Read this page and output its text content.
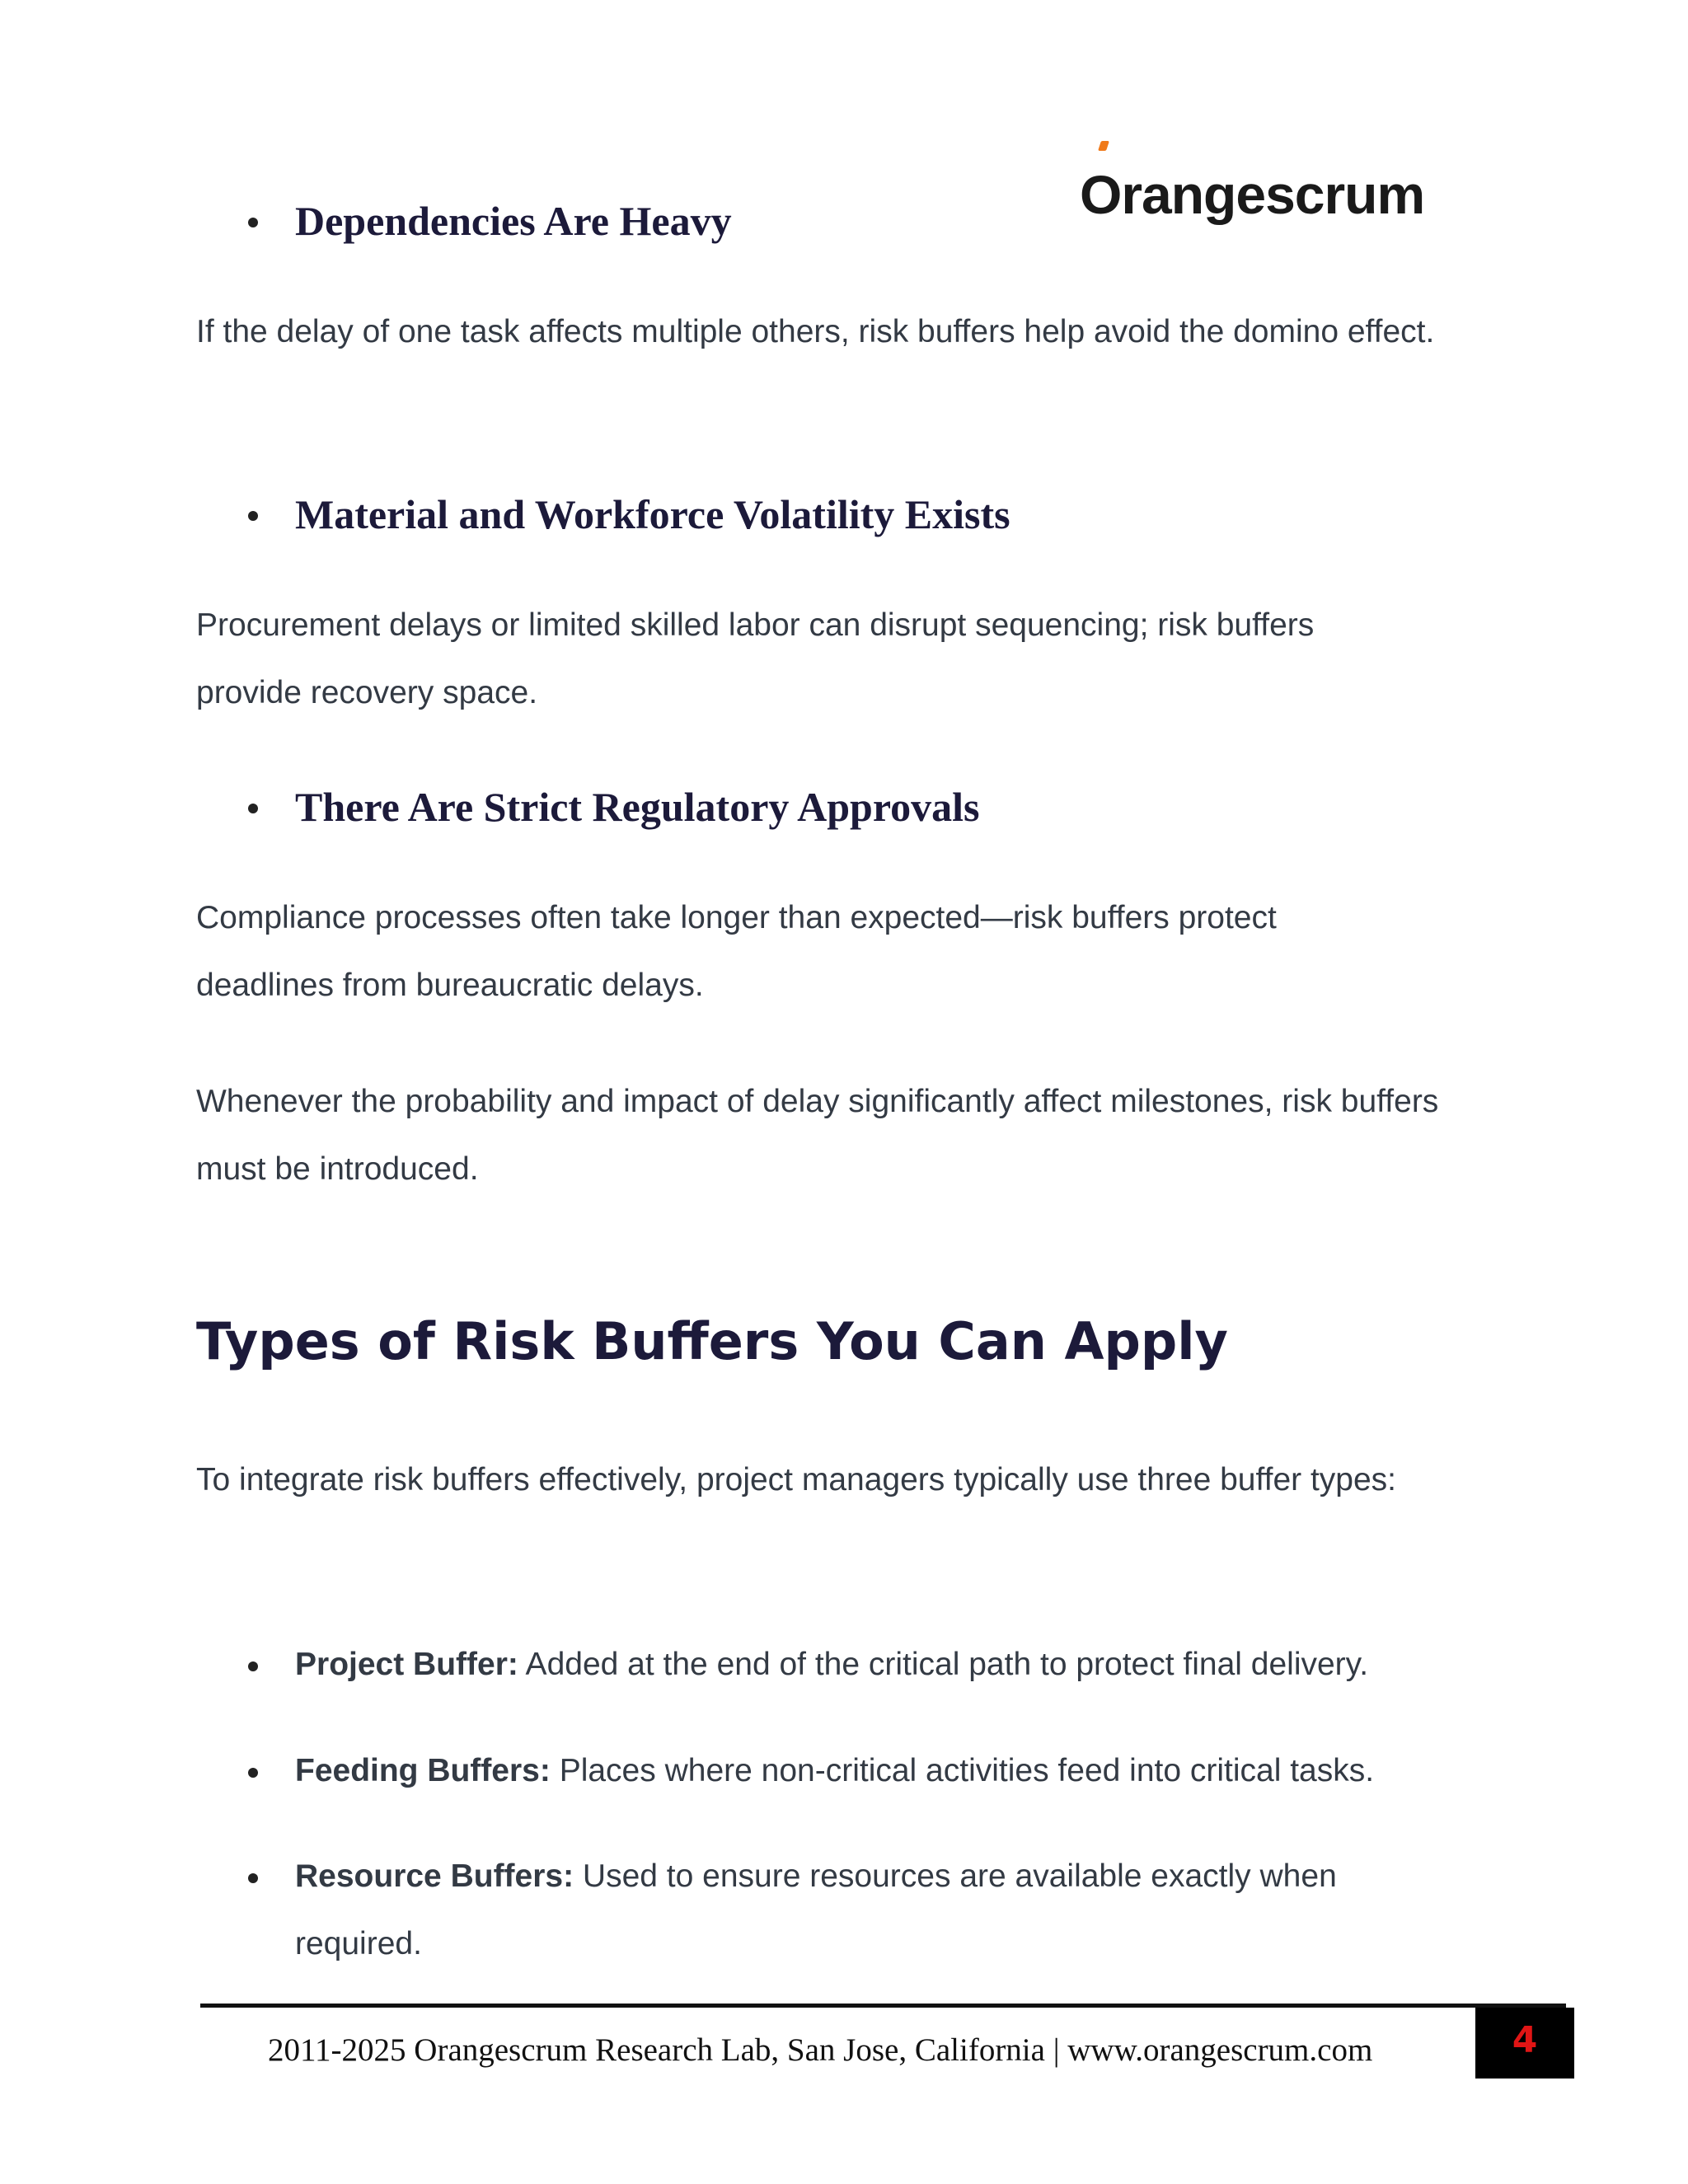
Orangescrum
Dependencies Are Heavy
If the delay of one task affects multiple others, risk buffers help avoid the domino effect.
Material and Workforce Volatility Exists
Procurement delays or limited skilled labor can disrupt sequencing; risk buffers provide recovery space.
There Are Strict Regulatory Approvals
Compliance processes often take longer than expected—risk buffers protect deadlines from bureaucratic delays.
Whenever the probability and impact of delay significantly affect milestones, risk buffers must be introduced.
Types of Risk Buffers You Can Apply
To integrate risk buffers effectively, project managers typically use three buffer types:
Project Buffer: Added at the end of the critical path to protect final delivery.
Feeding Buffers: Places where non-critical activities feed into critical tasks.
Resource Buffers: Used to ensure resources are available exactly when required.
2011-2025 Orangescrum Research Lab, San Jose, California | www.orangescrum.com	4
